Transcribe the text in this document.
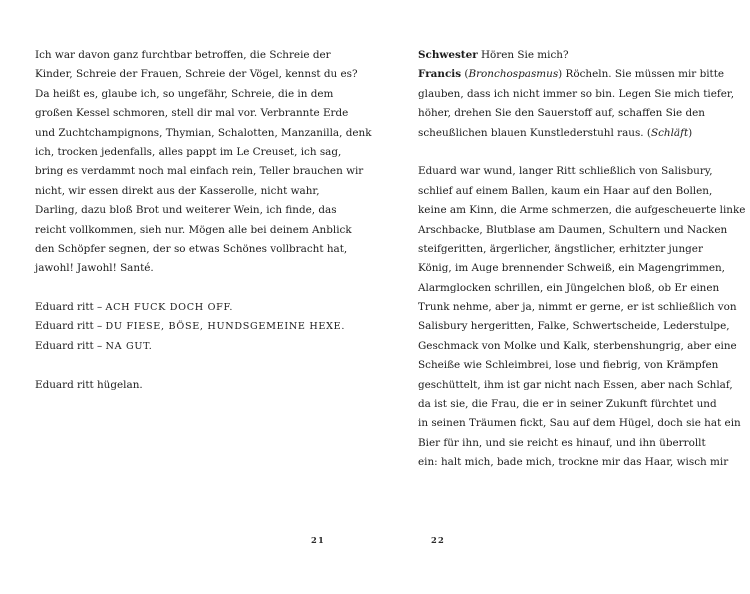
Ich war davon ganz furchtbar betroffen, die Schreie der
Kinder, Schreie der Frauen, Schreie der Vögel, kennst du es?
Da heißt es, glaube ich, so ungefähr, Schreie, die in dem
großen Kessel schmoren, stell dir mal vor. Verbrannte Erde
und Zuchtchampignons, Thymian, Schalotten, Manzanilla, denk
ich, trocken jedenfalls, alles pappt im Le Creuset, ich sag,
bring es verdammt noch mal einfach rein, Teller brauchen wir
nicht, wir essen direkt aus der Kasserolle, nicht wahr,
Darling, dazu bloß Brot und weiterer Wein, ich finde, das
reicht vollkommen, sieh nur. Mögen alle bei deinem Anblick
den Schöpfer segnen, der so etwas Schönes vollbracht hat,
jawohl! Jawohl! Santé.
Eduard ritt – ACH FUCK DOCH OFF.
Eduard ritt – DU FIESE, BÖSE, HUNDSGEMEINE HEXE.
Eduard ritt – NA GUT.
Eduard ritt hügelan.
21
Schwester Hören Sie mich?
Francis (Bronchospasmus) Röcheln. Sie müssen mir bitte
glauben, dass ich nicht immer so bin. Legen Sie mich tiefer,
höher, drehen Sie den Sauerstoff auf, schaffen Sie den
scheußlichen blauen Kunstlederstuhl raus. (Schläft)
Eduard war wund, langer Ritt schließlich von Salisbury,
schlief auf einem Ballen, kaum ein Haar auf den Bollen,
keine am Kinn, die Arme schmerzen, die aufgescheuerte linke
Arschbacke, Blutblase am Daumen, Schultern und Nacken
steifgeritten, ärgerlicher, ängstlicher, erhitzter junger
König, im Auge brennender Schweiß, ein Magengrimmen,
Alarmglocken schrillen, ein Jüngelchen bloß, ob Er einen
Trunk nehme, aber ja, nimmt er gerne, er ist schließlich von
Salisbury hergeritten, Falke, Schwertscheide, Lederstulpe,
Geschmack von Molke und Kalk, sterbenshungrig, aber eine
Scheiße wie Schleimbrei, lose und fiebrig, von Krämpfen
geschüttelt, ihm ist gar nicht nach Essen, aber nach Schlaf,
da ist sie, die Frau, die er in seiner Zukunft fürchtet und
in seinen Träumen fickt, Sau auf dem Hügel, doch sie hat ein
Bier für ihn, und sie reicht es hinauf, und ihn überrollt
ein: halt mich, bade mich, trockne mir das Haar, wisch mir
22
